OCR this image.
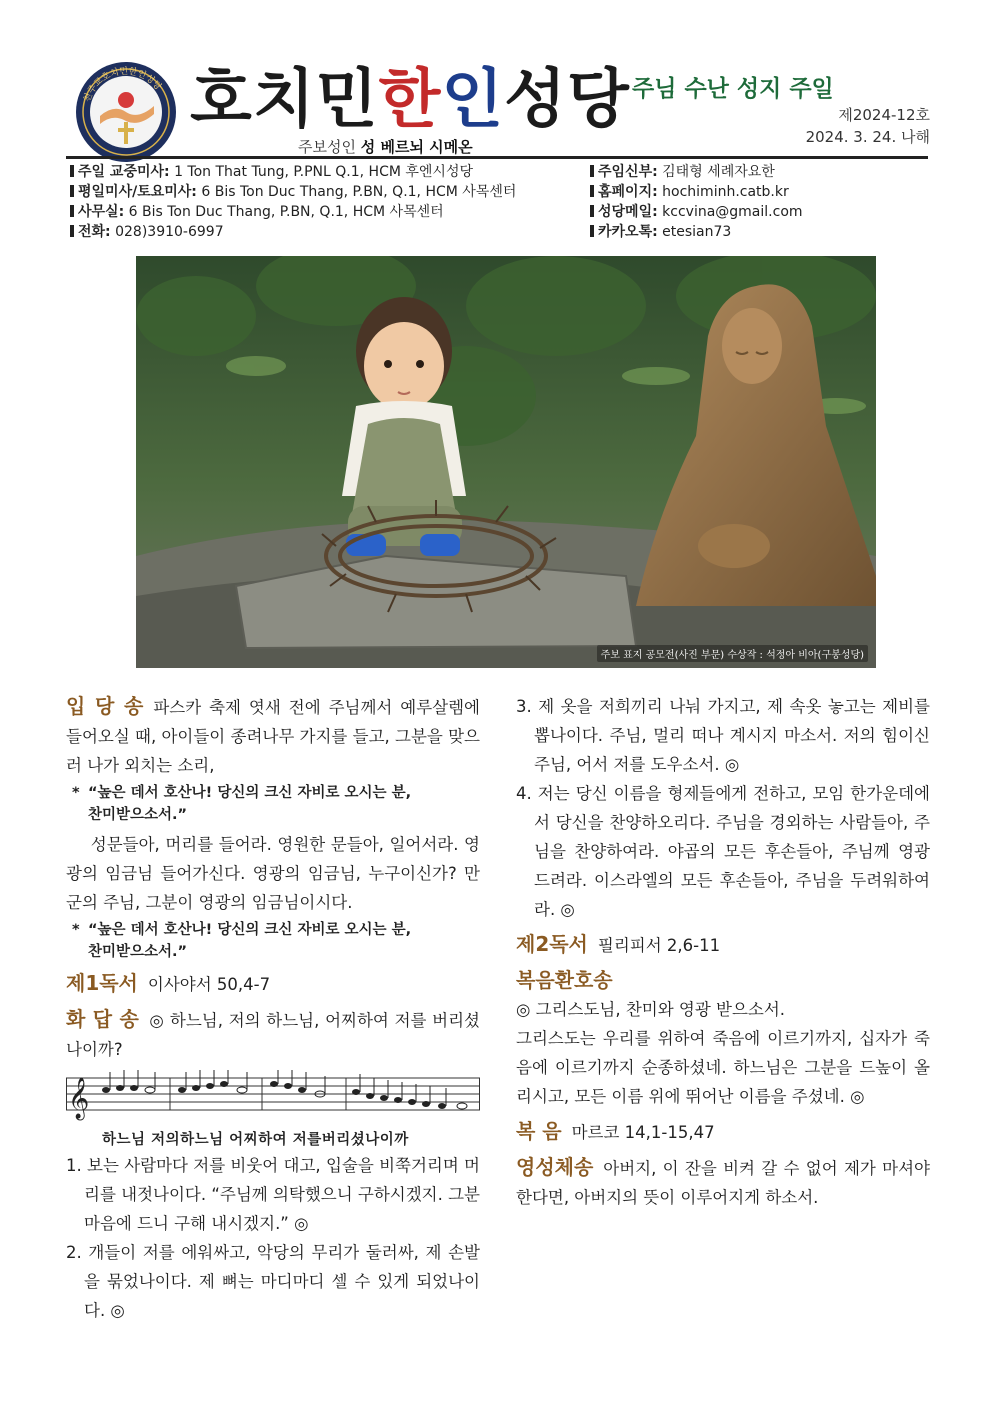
천주교호치민한인성당 호치민한인성당 주님 수난 성지 주일
제2024-12호
2024. 3. 24. 나해
주보성인 성 베르뇌 시메온
주일 교중미사: 1 Ton That Tung, P.PNL Q.1, HCM 후엔시성당
평일미사/토요미사: 6 Bis Ton Duc Thang, P.BN, Q.1, HCM 사목센터
사무실: 6 Bis Ton Duc Thang, P.BN, Q.1, HCM 사목센터
전화: 028)3910-6997
주임신부: 김태형 세례자요한
홈페이지: hochiminh.catb.kr
성당메일: kccvina@gmail.com
카카오톡: etesian73
주보 표지 공모전(사진 부문) 수상작 : 석정아 비아(구봉성당)

입 당 송 파스카 축제 엿새 전에 주님께서 예루살렘에 들어오실 때, 아이들이 종려나무 가지를 들고, 그분을 맞으러 나가 외치는 소리,

* “높은 데서 호산나! 당신의 크신 자비로 오시는 분,
찬미받으소서.”

성문들아, 머리를 들어라. 영원한 문들아, 일어서라. 영광의 임금님 들어가신다. 영광의 임금님, 누구이신가? 만군의 주님, 그분이 영광의 임금님이시다.

* “높은 데서 호산나! 당신의 크신 자비로 오시는 분,
찬미받으소서.”
제1독서 이사야서 50,4-7

화 답 송 ◎ 하느님, 저의 하느님, 어찌하여 저를 버리셨나이까?

𝄞
하느님 저의하느님 어찌하여 저를버리셨나이까

1. 보는 사람마다 저를 비웃어 대고, 입술을 비쭉거리며 머리를 내젓나이다. “주님께 의탁했으니 구하시겠지. 그분 마음에 드니 구해 내시겠지.” ◎

2. 개들이 저를 에워싸고, 악당의 무리가 둘러싸, 제 손발을 묶었나이다. 제 뼈는 마디마디 셀 수 있게 되었나이다. ◎

3. 제 옷을 저희끼리 나눠 가지고, 제 속옷 놓고는 제비를 뽑나이다. 주님, 멀리 떠나 계시지 마소서. 저의 힘이신 주님, 어서 저를 도우소서. ◎

4. 저는 당신 이름을 형제들에게 전하고, 모임 한가운데에서 당신을 찬양하오리다. 주님을 경외하는 사람들아, 주님을 찬양하여라. 야곱의 모든 후손들아, 주님께 영광 드려라. 이스라엘의 모든 후손들아, 주님을 두려워하여라. ◎

제2독서 필리피서 2,6-11
복음환호송

◎ 그리스도님, 찬미와 영광 받으소서.

그리스도는 우리를 위하여 죽음에 이르기까지, 십자가 죽음에 이르기까지 순종하셨네. 하느님은 그분을 드높이 올리시고, 모든 이름 위에 뛰어난 이름을 주셨네. ◎

복 음 마르코 14,1-15,47

영성체송 아버지, 이 잔을 비켜 갈 수 없어 제가 마셔야 한다면, 아버지의 뜻이 이루어지게 하소서.
